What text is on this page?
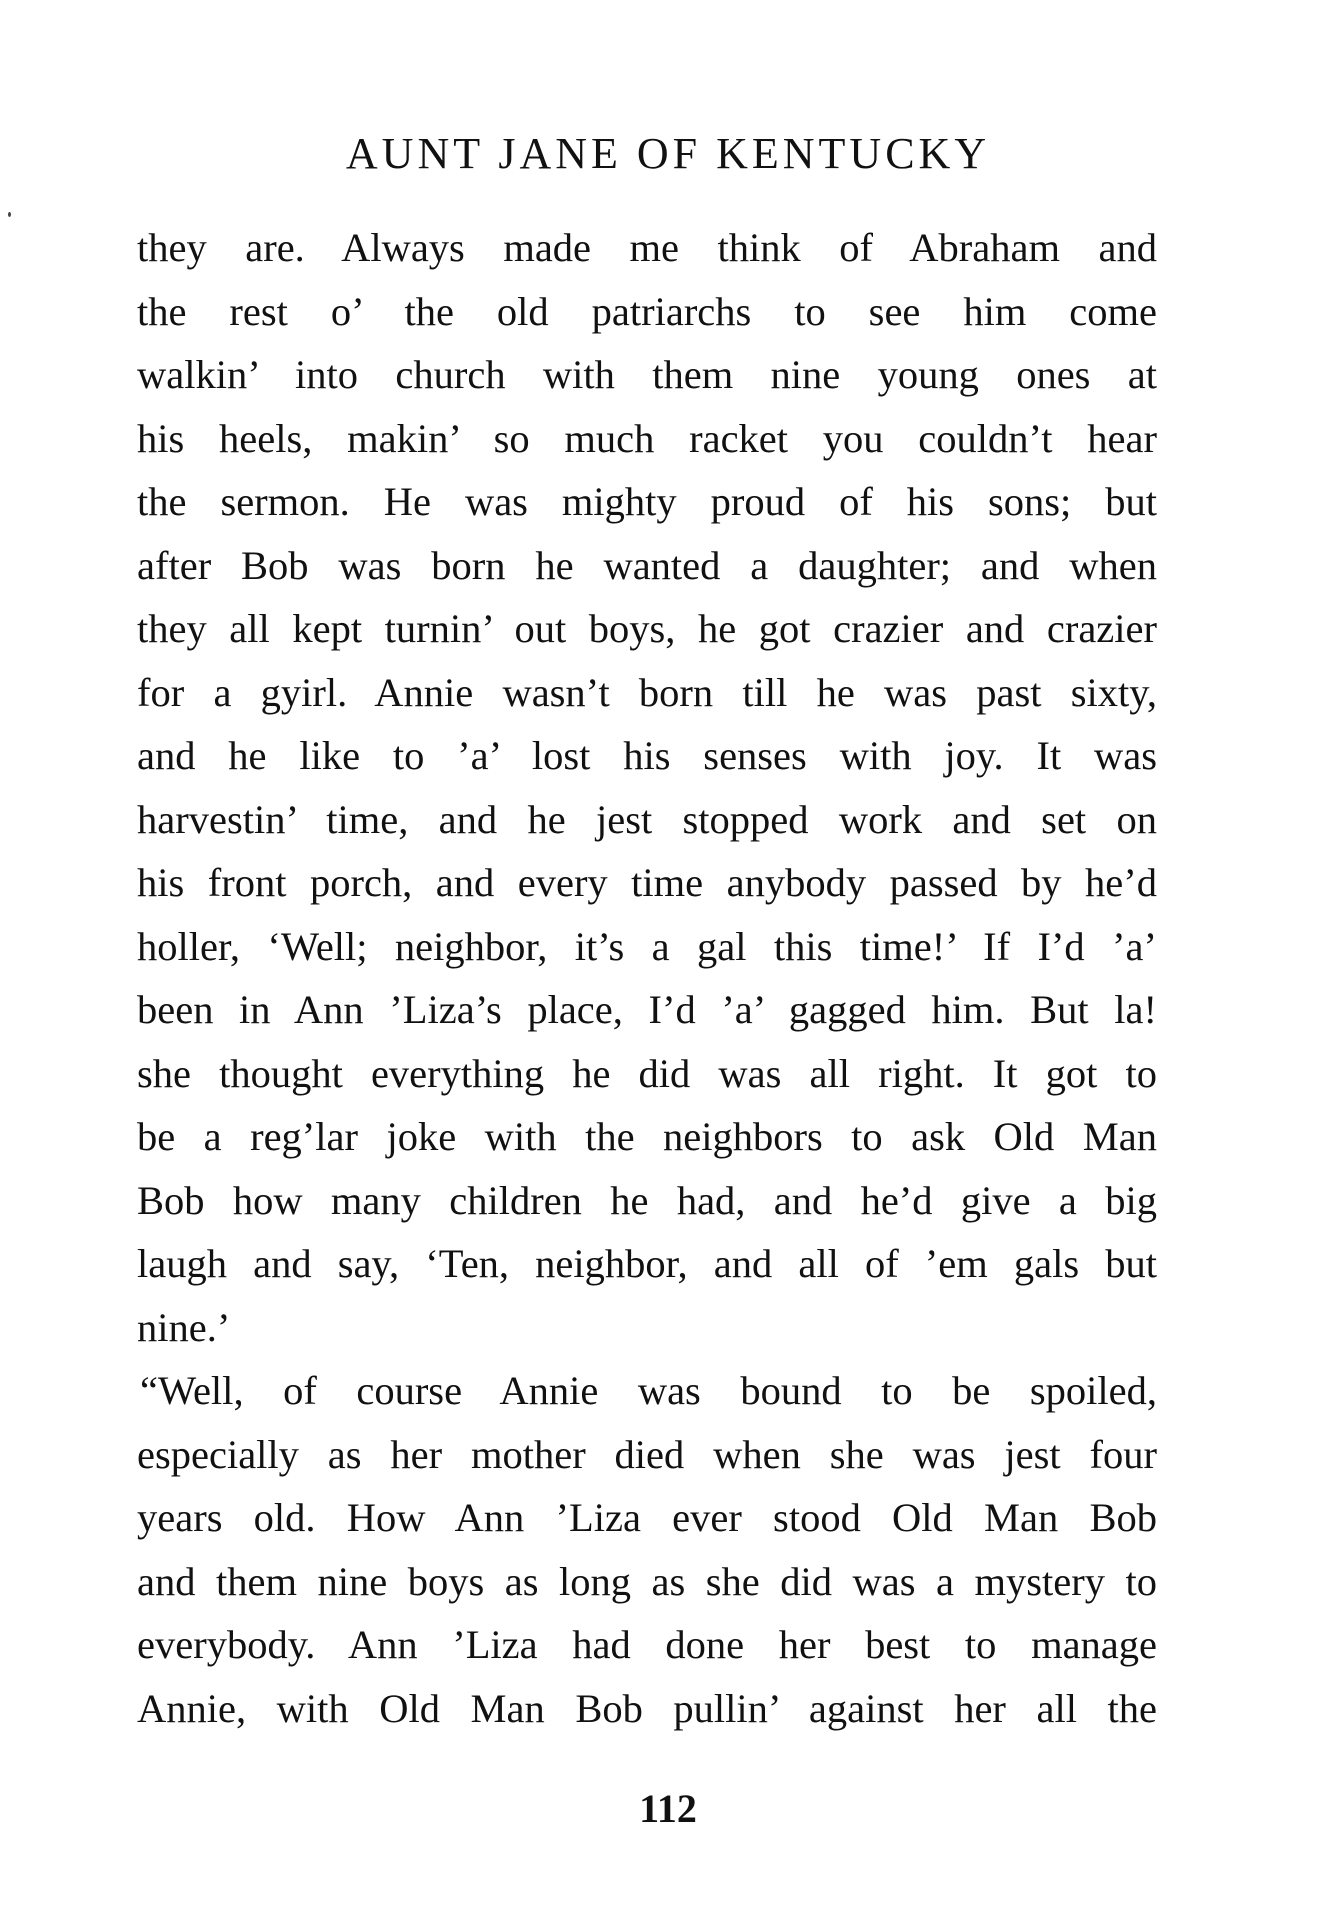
AUNT JANE OF KENTUCKY
they are. Always made me think of Abraham and
the rest o’ the old patriarchs to see him come
walkin’ into church with them nine young ones at
his heels, makin’ so much racket you couldn’t hear
the sermon. He was mighty proud of his sons; but
after Bob was born he wanted a daughter; and when
they all kept turnin’ out boys, he got crazier and crazier
for a gyirl. Annie wasn’t born till he was past sixty,
and he like to ’a’ lost his senses with joy. It was
harvestin’ time, and he jest stopped work and set on
his front porch, and every time anybody passed by he’d
holler, ‘Well; neighbor, it’s a gal this time!’ If I’d ’a’
been in Ann ’Liza’s place, I’d ’a’ gagged him. But la!
she thought everything he did was all right. It got to
be a reg’lar joke with the neighbors to ask Old Man
Bob how many children he had, and he’d give a big
laugh and say, ‘Ten, neighbor, and all of ’em gals but
nine.’
“Well, of course Annie was bound to be spoiled,
especially as her mother died when she was jest four
years old. How Ann ’Liza ever stood Old Man Bob
and them nine boys as long as she did was a mystery to
everybody. Ann ’Liza had done her best to manage
Annie, with Old Man Bob pullin’ against her all the
112
